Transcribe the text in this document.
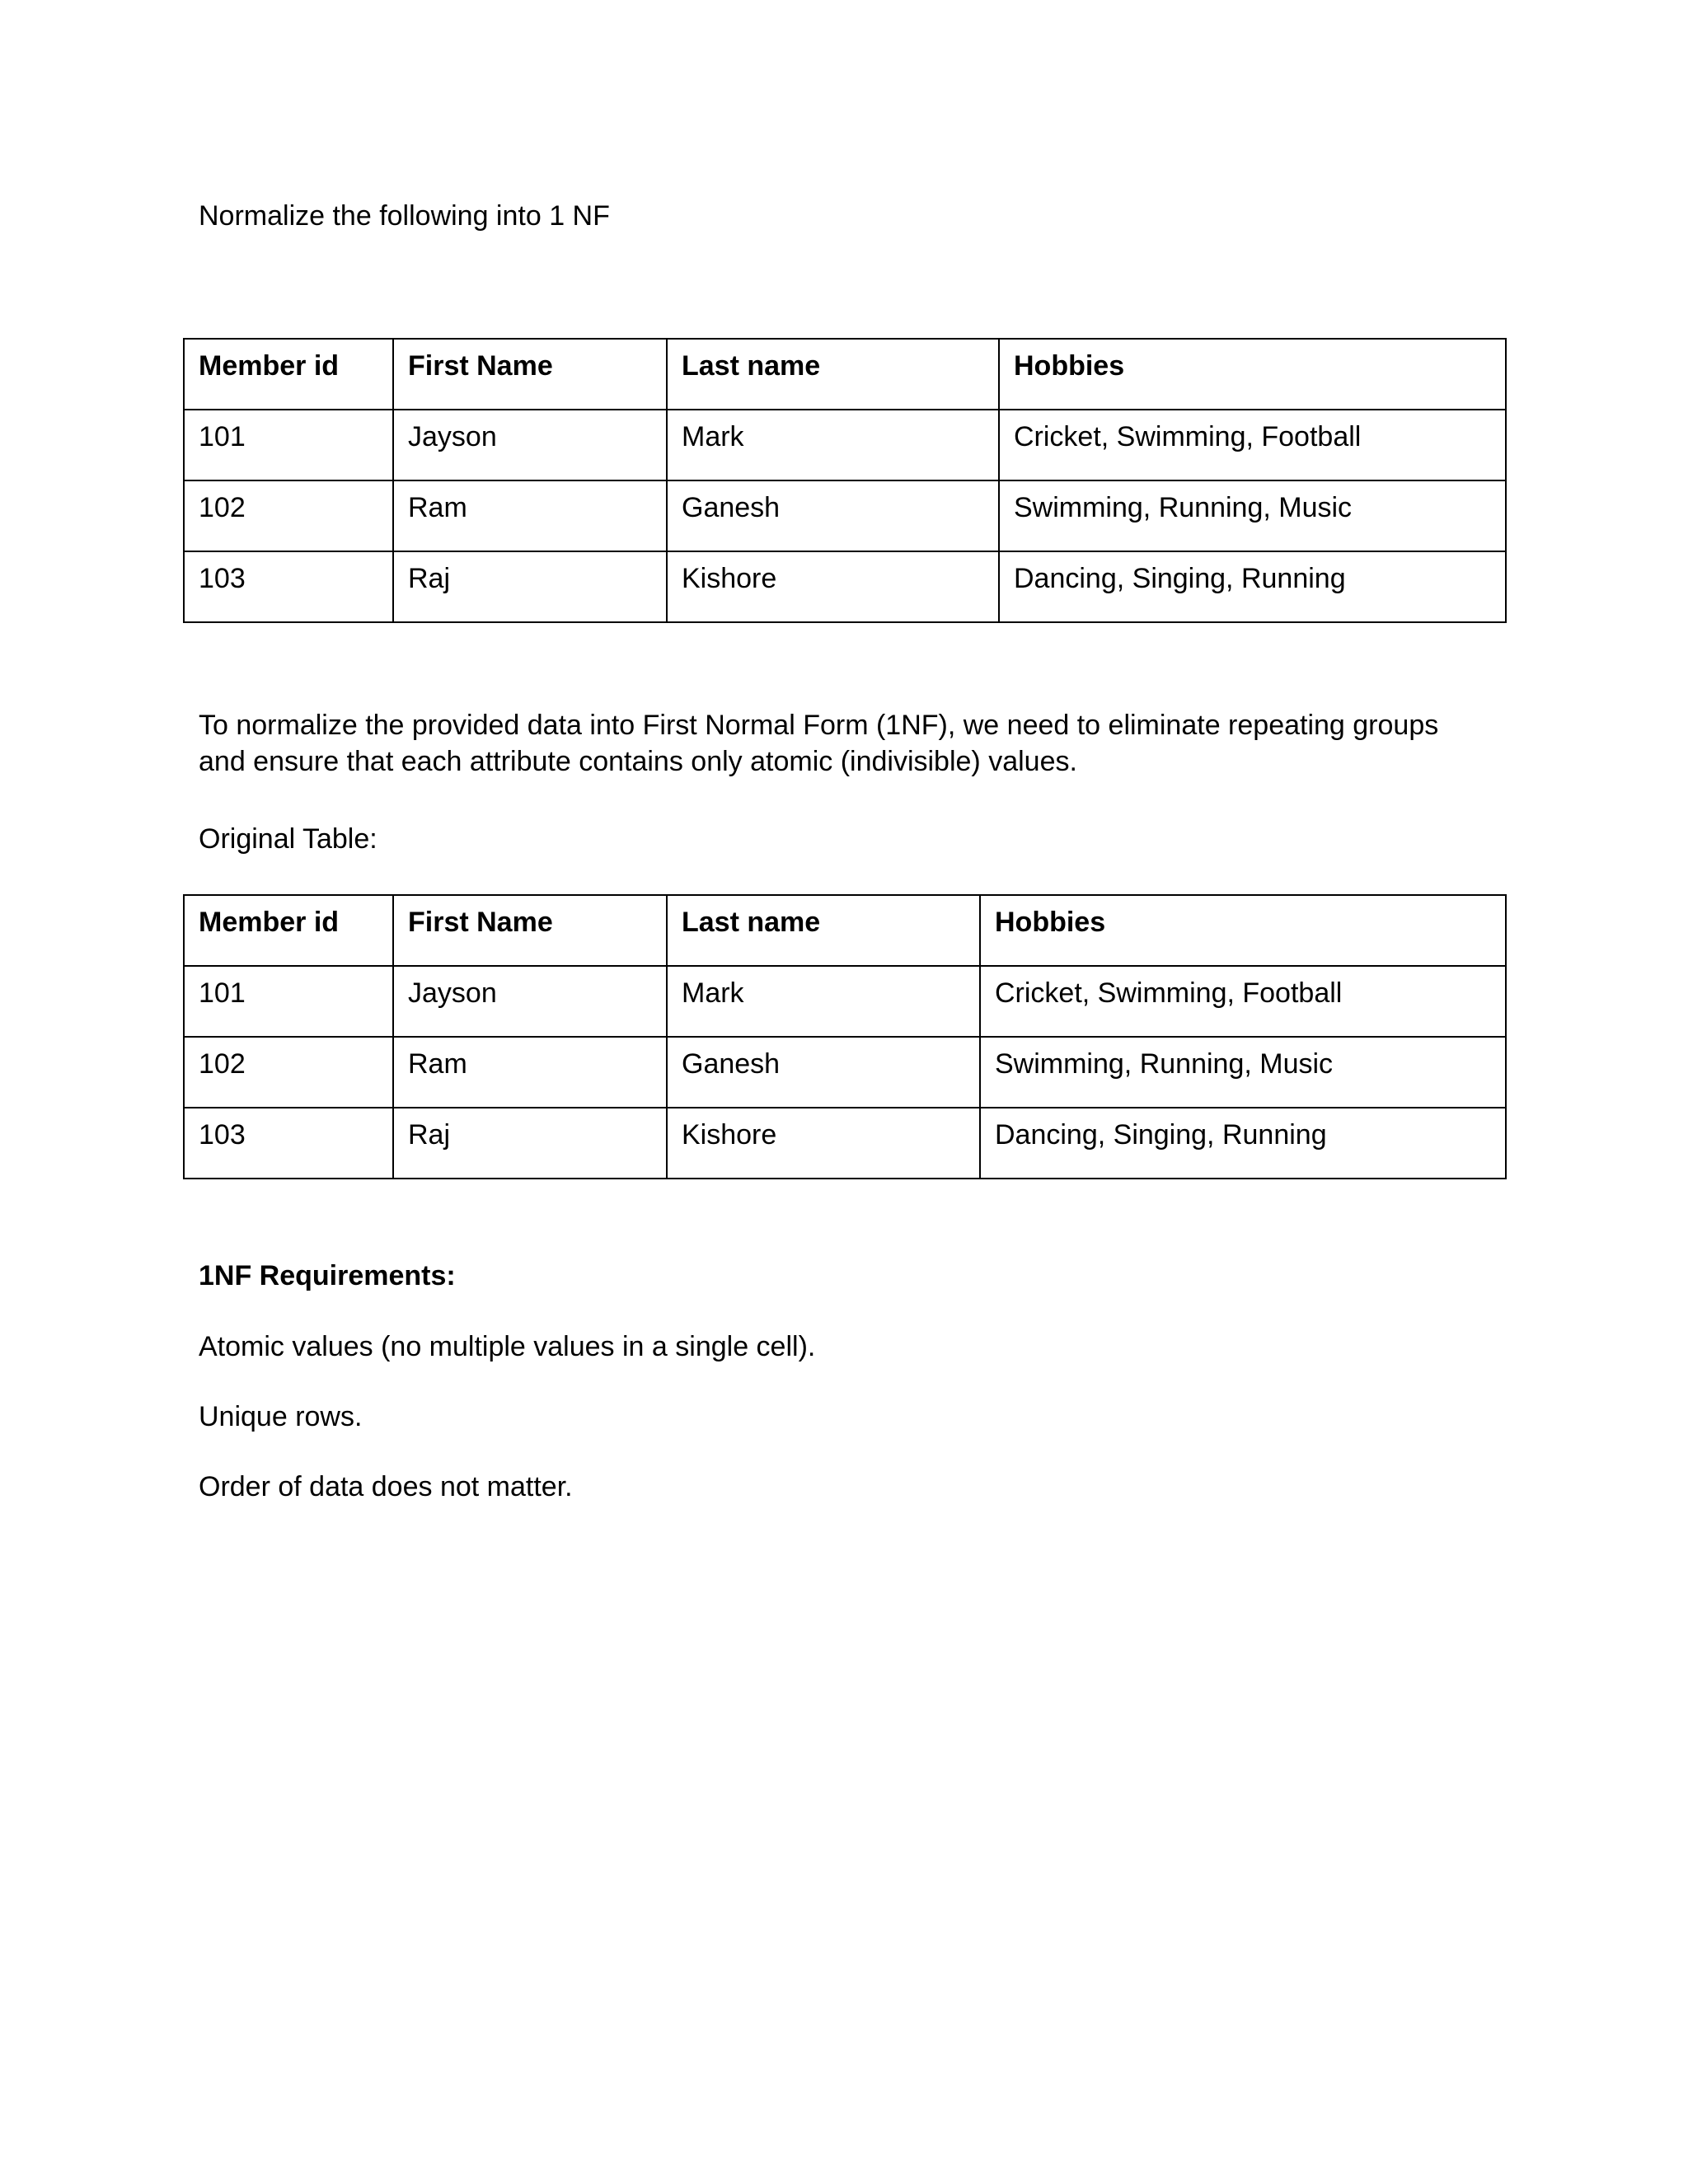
Normalize the following into 1 NF

Member id	First Name	Last name	Hobbies
101	Jayson	Mark	Cricket, Swimming, Football
102	Ram	Ganesh	Swimming, Running, Music
103	Raj	Kishore	Dancing, Singing, Running

To normalize the provided data into First Normal Form (1NF), we need to eliminate repeating groups and ensure that each attribute contains only atomic (indivisible) values.

Original Table:

Member id	First Name	Last name	Hobbies
101	Jayson	Mark	Cricket, Swimming, Football
102	Ram	Ganesh	Swimming, Running, Music
103	Raj	Kishore	Dancing, Singing, Running

1NF Requirements:

Atomic values (no multiple values in a single cell).

Unique rows.

Order of data does not matter.
